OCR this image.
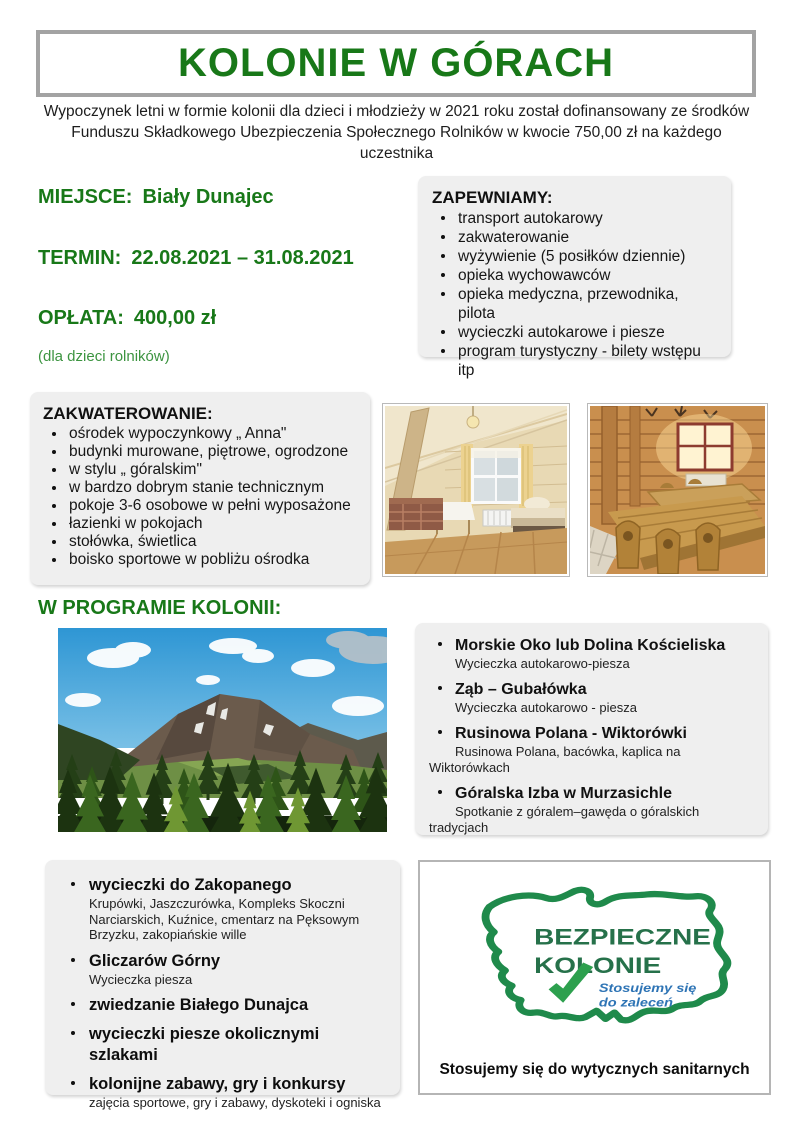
KOLONIE W GÓRACH

Wypoczynek letni w formie kolonii dla dzieci i młodzieży w 2021 roku został dofinansowany ze środków Funduszu Składkowego Ubezpieczenia Społecznego Rolników w kwocie 750,00 zł na każdego uczestnika

MIEJSCE: Biały Dunajec
TERMIN: 22.08.2021 – 31.08.2021
OPŁATA: 400,00 zł
(dla dzieci rolników)
ZAPEWNIAMY:
transport autokarowy
zakwaterowanie
wyżywienie (5 posiłków dziennie)
opieka wychowawców
opieka medyczna, przewodnika, pilota
wycieczki autokarowe i piesze
program turystyczny - bilety wstępu itp
ZAKWATEROWANIE:
ośrodek wypoczynkowy „ Anna"
budynki murowane, piętrowe, ogrodzone
w stylu „ góralskim"
w bardzo dobrym stanie technicznym
pokoje 3-6 osobowe w pełni wyposażone
łazienki w pokojach
stołówka, świetlica
boisko sportowe w pobliżu ośrodka
W PROGRAMIE KOLONII:
Morskie Oko lub Dolina Kościeliska
Wycieczka autokarowo-piesza
Ząb – Gubałówka
Wycieczka autokarowo - piesza
Rusinowa Polana - Wiktorówki
Rusinowa Polana, bacówka, kaplica na Wiktorówkach
Góralska Izba w Murzasichle
Spotkanie z góralem–gawęda o góralskich tradycjach
wycieczki do Zakopanego
Krupówki, Jaszczurówka, Kompleks Skoczni Narciarskich, Kuźnice, cmentarz na Pęksowym Brzyzku, zakopiańskie wille
Gliczarów Górny
Wycieczka piesza
zwiedzanie Białego Dunajca
wycieczki piesze okolicznymi szlakami
kolonijne zabawy, gry i konkursy
zajęcia sportowe, gry i zabawy, dyskoteki i ogniska
BEZPIECZNE
KOLONIE
Stosujemy się
do zaleceń
Stosujemy się do wytycznych sanitarnych
